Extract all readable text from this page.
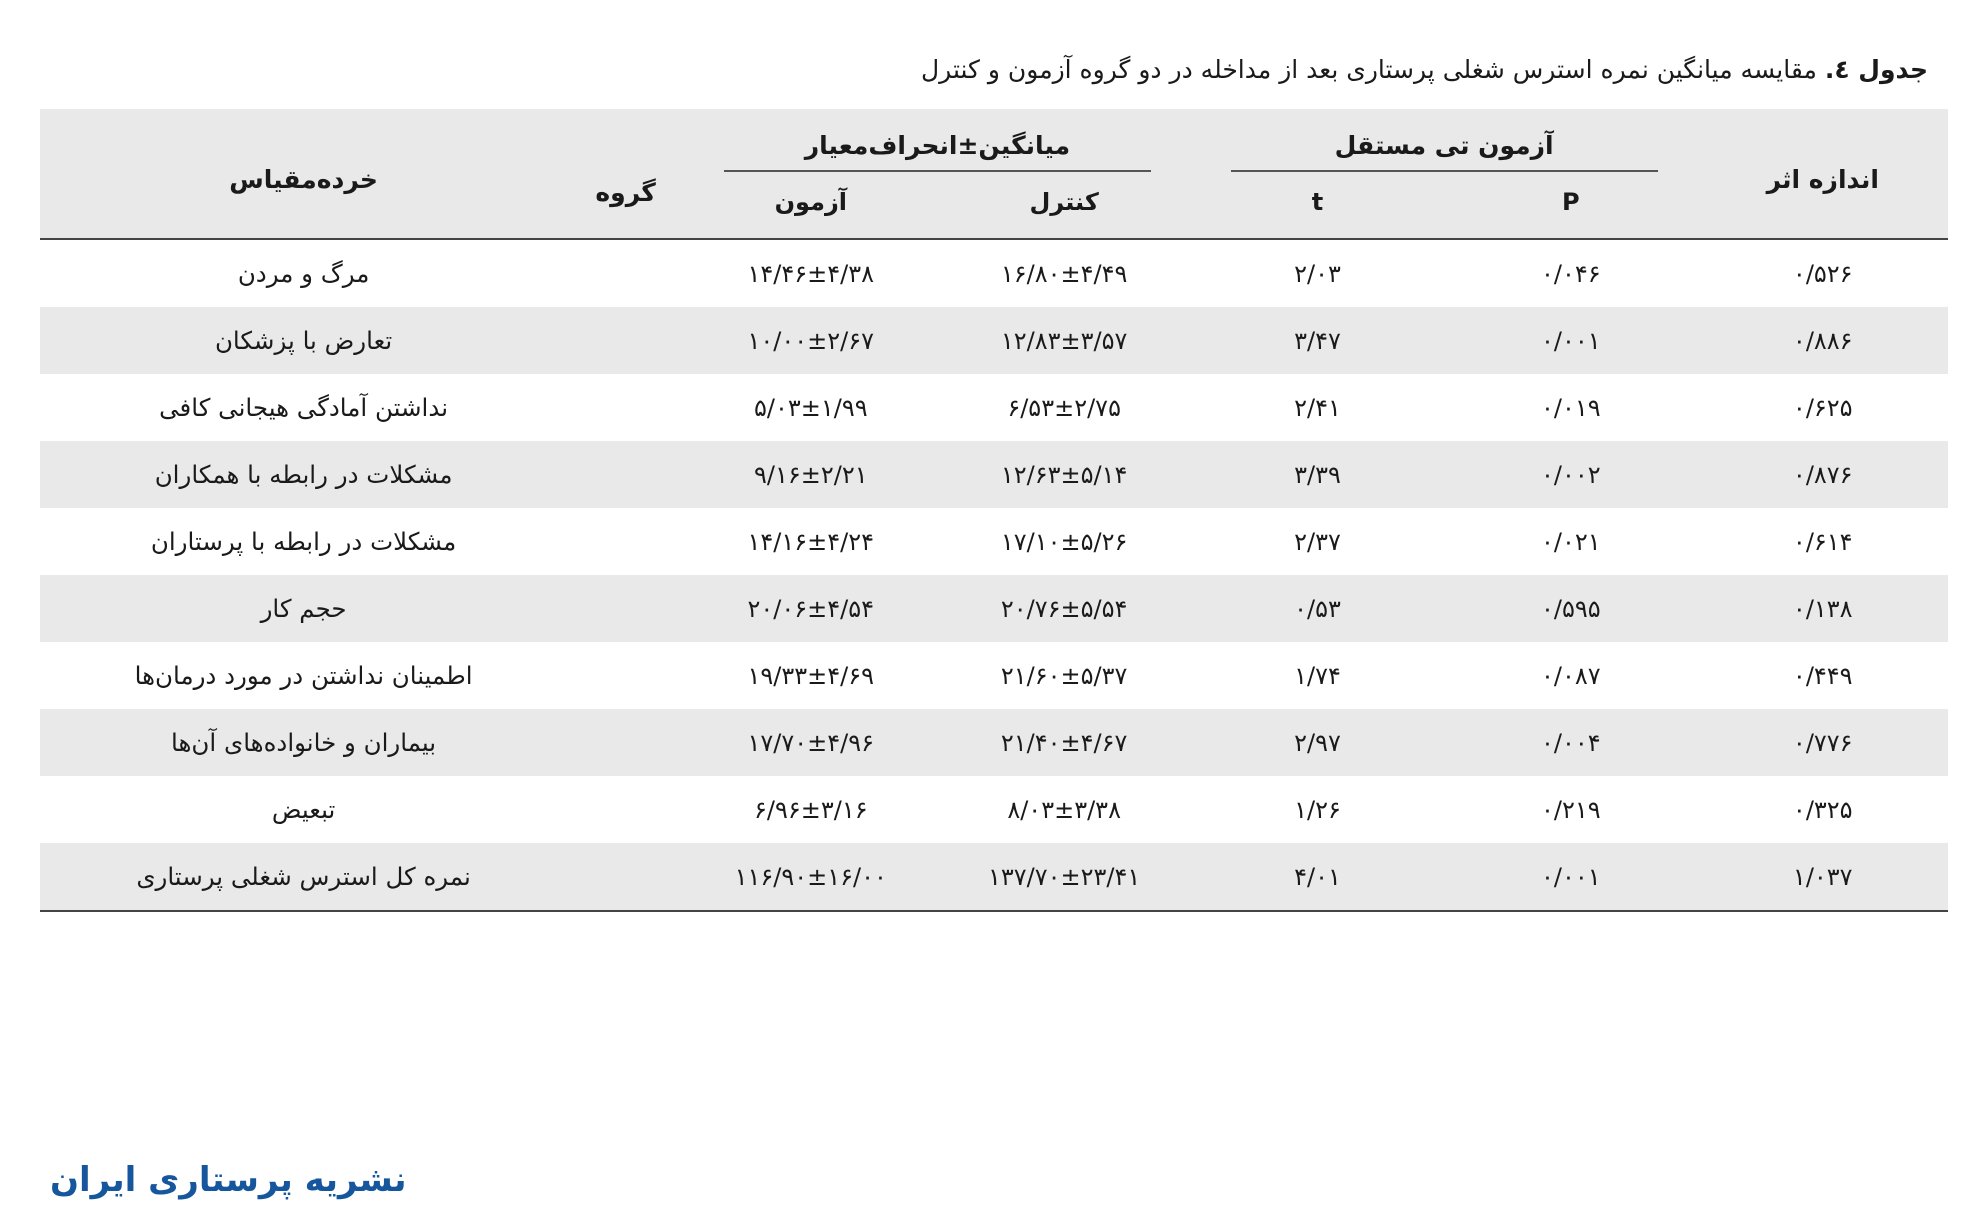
جدول ٤. مقایسه میانگین نمره استرس شغلی پرستاری بعد از مداخله در دو گروه آزمون و کنترل
اندازه اثر	آزمون تی مستقل		میانگین±انحراف‌معیار		گروه	خرده‌مقیاس
	P	t	کنترل	آزمون		
۰/۵۲۶	۰/۰۴۶	۲/۰۳	۱۶/۸۰±۴/۴۹	۱۴/۴۶±۴/۳۸		مرگ و مردن
۰/۸۸۶	۰/۰۰۱	۳/۴۷	۱۲/۸۳±۳/۵۷	۱۰/۰۰±۲/۶۷		تعارض با پزشکان
۰/۶۲۵	۰/۰۱۹	۲/۴۱	۶/۵۳±۲/۷۵	۵/۰۳±۱/۹۹		نداشتن آمادگی هیجانی کافی
۰/۸۷۶	۰/۰۰۲	۳/۳۹	۱۲/۶۳±۵/۱۴	۹/۱۶±۲/۲۱		مشکلات در رابطه با همکاران
۰/۶۱۴	۰/۰۲۱	۲/۳۷	۱۷/۱۰±۵/۲۶	۱۴/۱۶±۴/۲۴		مشکلات در رابطه با پرستاران
۰/۱۳۸	۰/۵۹۵	۰/۵۳	۲۰/۷۶±۵/۵۴	۲۰/۰۶±۴/۵۴		حجم کار
۰/۴۴۹	۰/۰۸۷	۱/۷۴	۲۱/۶۰±۵/۳۷	۱۹/۳۳±۴/۶۹		اطمینان نداشتن در مورد درمان‌ها
۰/۷۷۶	۰/۰۰۴	۲/۹۷	۲۱/۴۰±۴/۶۷	۱۷/۷۰±۴/۹۶		بیماران و خانواده‌های آن‌ها
۰/۳۲۵	۰/۲۱۹	۱/۲۶	۸/۰۳±۳/۳۸	۶/۹۶±۳/۱۶		تبعیض
۱/۰۳۷	۰/۰۰۱	۴/۰۱	۱۳۷/۷۰±۲۳/۴۱	۱۱۶/۹۰±۱۶/۰۰		نمره کل استرس شغلی پرستاری
نشریه پرستاری ایران
